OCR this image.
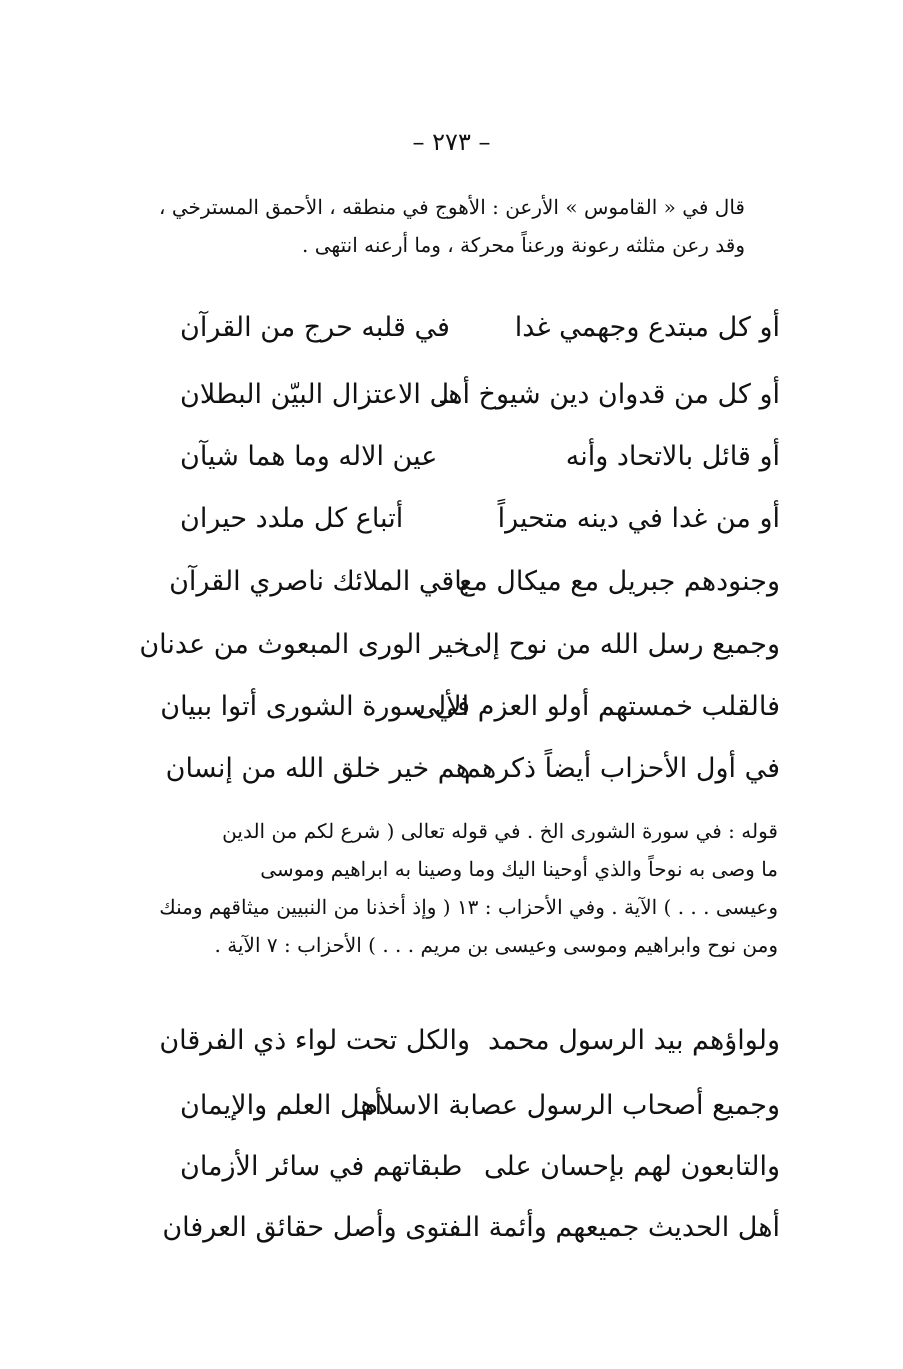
– ٢٧٣ –
قال في « القاموس » الأرعن : الأهوج في منطقه ، الأحمق المسترخي ،
وقد رعن مثلثه رعونة ورعناً محركة ، وما أرعنه انتهى .
أو كل مبتدع وجهمي غدا
في قلبه حرج من القرآن
أو كل من قدوان دين شيوخ أهـ
ـل الاعتزال البيّن البطلان
أو قائل بالاتحاد وأنه
عين الاله وما هما شيآن
أو من غدا في دينه متحيراً
أتباع كل ملدد حيران
وجنودهم جبريل مع ميكال مع
باقي الملائك ناصري القرآن
وجميع رسل الله من نوح إلى
خير الورى المبعوث من عدنان
فالقلب خمستهم أولو العزم الألى
في سورة الشورى أتوا ببيان
في أول الأحزاب أيضاً ذكرهم
هم خير خلق الله من إنسان
قوله : في سورة الشورى الخ . في قوله تعالى ( شرع لكم من الدين
ما وصى به نوحاً والذي أوحينا اليك وما وصينا به ابراهيم وموسى
وعيسى . . . ) الآية . وفي الأحزاب : ١٣ ( وإذ أخذنا من النبيين ميثاقهم ومنك
ومن نوح وابراهيم وموسى وعيسى بن مريم . . . ) الأحزاب : ٧ الآية .
ولواؤهم بيد الرسول محمد
والكل تحت لواء ذي الفرقان
وجميع أصحاب الرسول عصابة الاسلام
أهل العلم والإيمان
والتابعون لهم بإحسان على
طبقاتهم في سائر الأزمان
أهل الحديث جميعهم وأئمة الـ
ـفتوى وأصل حقائق العرفان
